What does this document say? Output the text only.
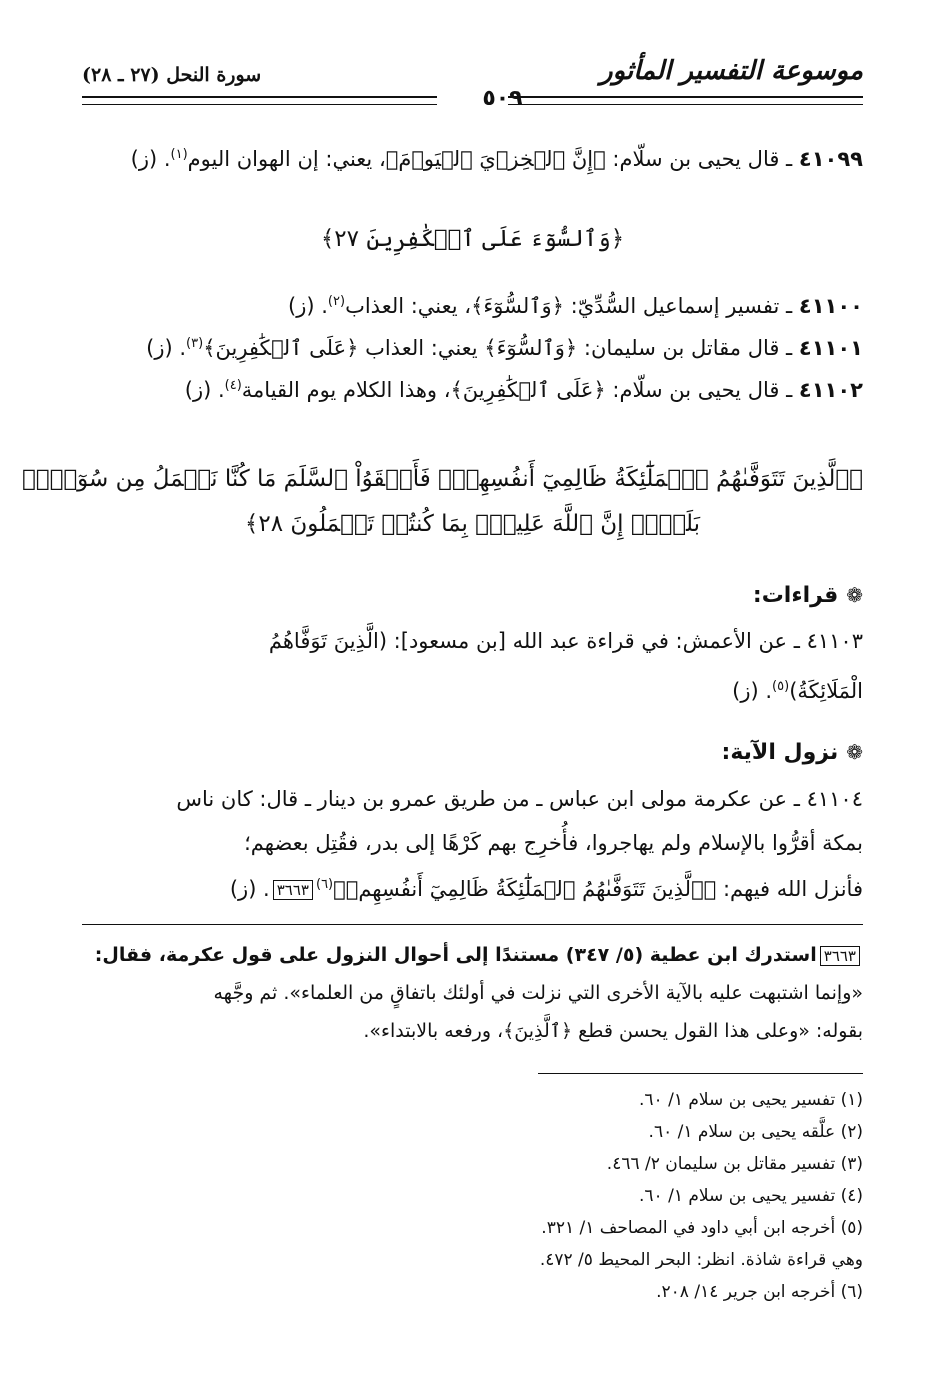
موسوعة التفسير المأثور
سورة النحل (٢٧ ـ ٢٨)
٥٠٩
٤١٠٩٩ ـ قال يحيى بن سلّام: ﴿إِنَّ ٱلۡخِزۡيَ ٱلۡيَوۡمَ﴾، يعني: إن الهوان اليوم$^{(١)}$. (ز)
﴿وَٱلسُّوٓءَ عَلَى ٱلۡكَٰفِرِينَ ٢٧﴾
٤١١٠٠ ـ تفسير إسماعيل السُّدِّيّ: ﴿وَٱلسُّوٓءَ﴾، يعني: العذاب$^{(٢)}$. (ز)
٤١١٠١ ـ قال مقاتل بن سليمان: ﴿وَٱلسُّوٓءَ﴾ يعني: العذاب ﴿عَلَى ٱلۡكَٰفِرِينَ﴾$^{(٣)}$. (ز)
٤١١٠٢ ـ قال يحيى بن سلّام: ﴿عَلَى ٱلۡكَٰفِرِينَ﴾، وهذا الكلام يوم القيامة$^{(٤)}$. (ز)
﴿ٱلَّذِينَ تَتَوَفَّىٰهُمُ ٱلۡمَلَٰٓئِكَةُ ظَالِمِيٓ أَنفُسِهِمۡۖ فَأَلۡقَوُاْ ٱلسَّلَمَ مَا كُنَّا نَعۡمَلُ مِن سُوٓءِۭۚ
بَلَىٰٓۚ إِنَّ ٱللَّهَ عَلِيمُۢ بِمَا كُنتُمۡ تَعۡمَلُونَ ٢٨﴾
❁قراءات:
٤١١٠٣ ـ عن الأعمش: في قراءة عبد الله [بن مسعود]: (الَّذِينَ تَوَفَّاهُمُ
الْمَلَائِكَةُ)$^{(٥)}$. (ز)
❁نزول الآية:
٤١١٠٤ ـ عن عكرمة مولى ابن عباس ـ من طريق عمرو بن دينار ـ قال: كان ناس
بمكة أقرُّوا بالإسلام ولم يهاجروا، فأُخرِج بهم كَرْهًا إلى بدر، فقُتِل بعضهم؛
فأنزل الله فيهم: ﴿ٱلَّذِينَ تَتَوَفَّىٰهُمُ ٱلۡمَلَٰٓئِكَةُ ظَالِمِيٓ أَنفُسِهِمۡ﴾$^{(٦)}$٣٦٦٣. (ز)
٣٦٦٣استدرك ابن عطية (٥/ ٣٤٧) مستندًا إلى أحوال النزول على قول عكرمة، فقال:
«وإنما اشتبهت عليه بالآية الأخرى التي نزلت في أولئك باتفاقٍ من العلماء». ثم وجَّهه
بقوله: «وعلى هذا القول يحسن قطع ﴿ٱلَّذِينَ﴾، ورفعه بالابتداء».
(١) تفسير يحيى بن سلام ١/ ٦٠.
(٢) علَّقه يحيى بن سلام ١/ ٦٠.
(٣) تفسير مقاتل بن سليمان ٢/ ٤٦٦.
(٤) تفسير يحيى بن سلام ١/ ٦٠.
(٥) أخرجه ابن أبي داود في المصاحف ١/ ٣٢١.
وهي قراءة شاذة. انظر: البحر المحيط ٥/ ٤٧٢.
(٦) أخرجه ابن جرير ١٤/ ٢٠٨.
